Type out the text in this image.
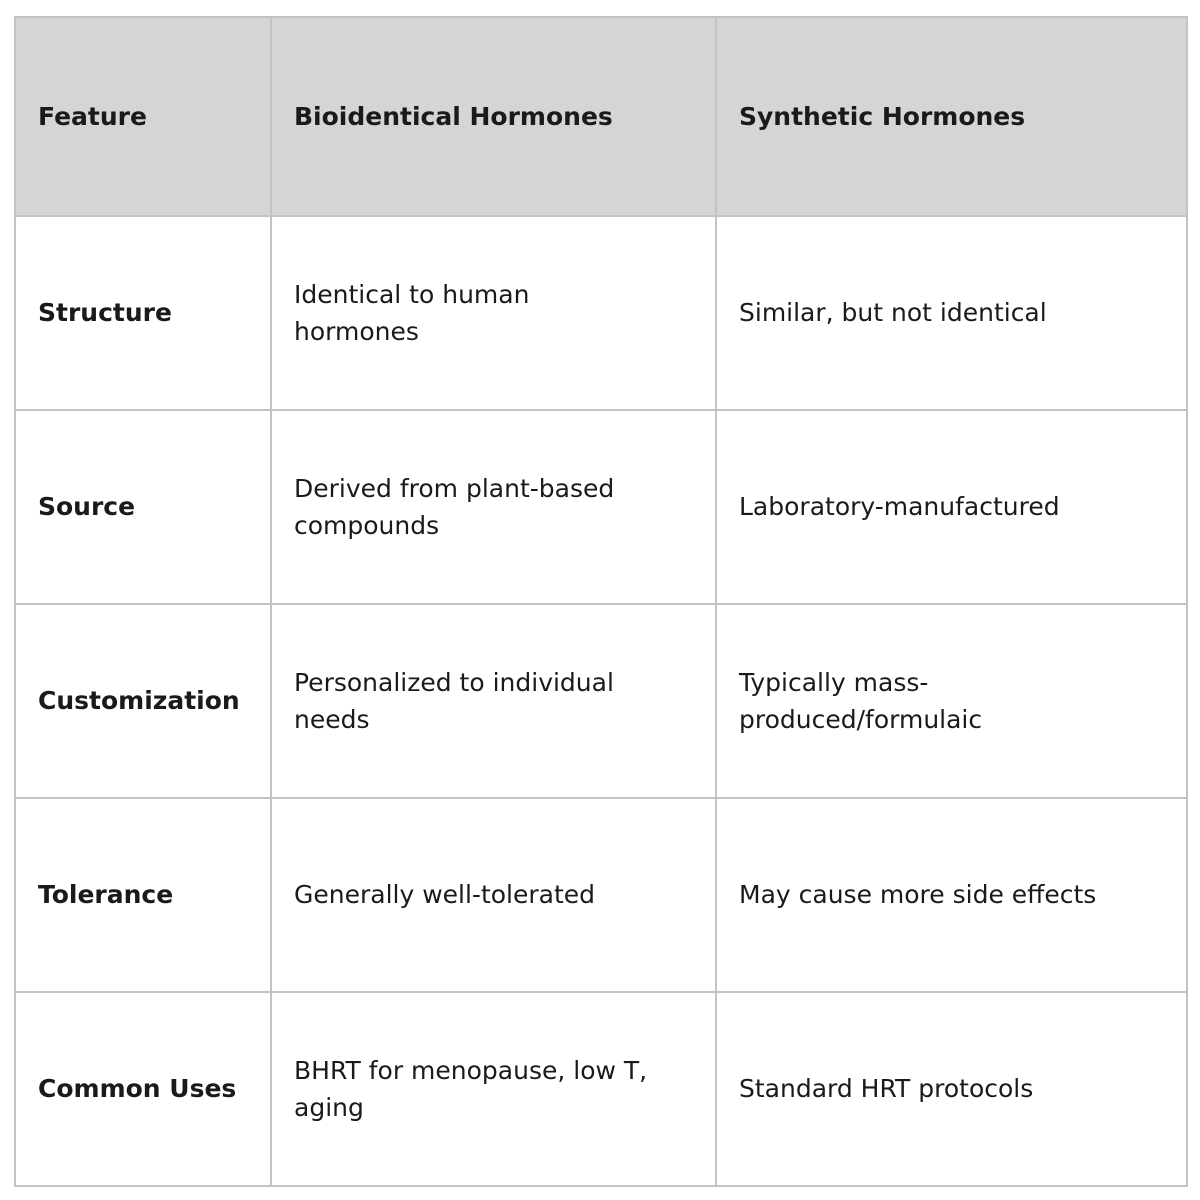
Feature	Bioidentical Hormones	Synthetic Hormones
Structure	Identical to human hormones	Similar, but not identical
Source	Derived from plant-based compounds	Laboratory-manufactured
Customization	Personalized to individual needs	Typically mass-produced/formulaic
Tolerance	Generally well-tolerated	May cause more side effects
Common Uses	BHRT for menopause, low T, aging	Standard HRT protocols
